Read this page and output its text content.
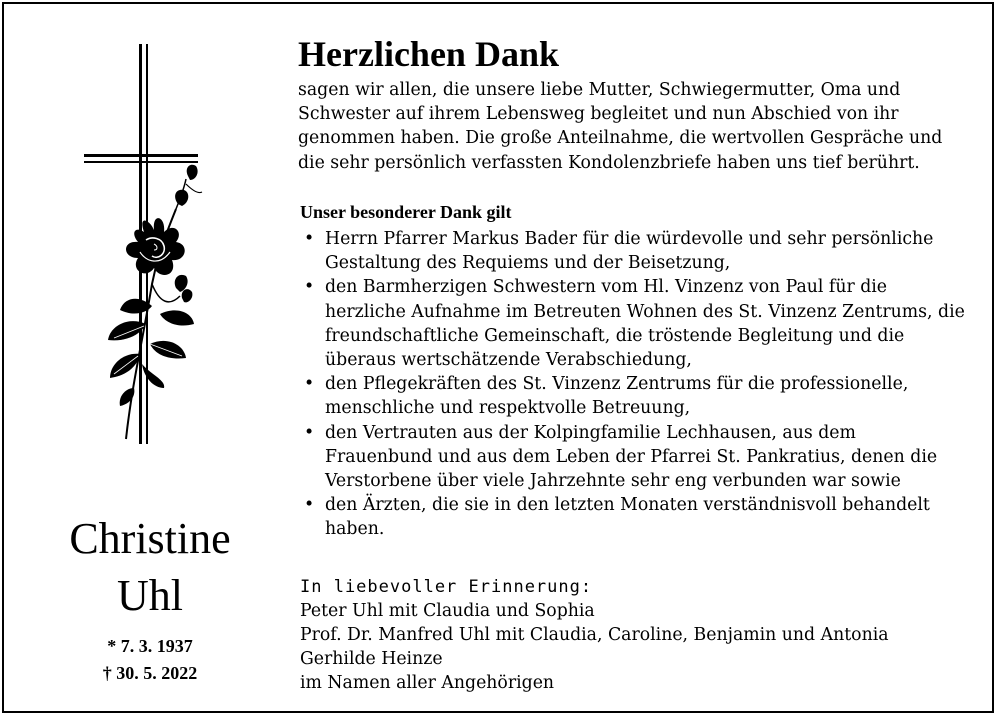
Christine
Uhl
* 7. 3. 1937
† 30. 5. 2022
Herzlichen Dank

sagen wir allen, die unsere liebe Mutter, Schwiegermutter, Oma und Schwester auf ihrem Lebensweg begleitet und nun Abschied von ihr genommen haben. Die große Anteilnahme, die wertvollen Gespräche und die sehr persönlich verfassten Kondolenzbriefe haben uns tief berührt.

Unser besonderer Dank gilt

• Herrn Pfarrer Markus Bader für die würdevolle und sehr persönliche Gestaltung des Requiems und der Beisetzung,
• den Barmherzigen Schwestern vom Hl. Vinzenz von Paul für die herzliche Aufnahme im Betreuten Wohnen des St. Vinzenz Zentrums, die freundschaftliche Gemeinschaft, die tröstende Begleitung und die überaus wertschätzende Verabschiedung,
• den Pflegekräften des St. Vinzenz Zentrums für die professionelle, menschliche und respektvolle Betreuung,
• den Vertrauten aus der Kolpingfamilie Lechhausen, aus dem Frauenbund und aus dem Leben der Pfarrei St. Pankratius, denen die Verstorbene über viele Jahrzehnte sehr eng verbunden war sowie
• den Ärzten, die sie in den letzten Monaten verständnisvoll behandelt haben.
In liebevoller Erinnerung:
Peter Uhl mit Claudia und Sophia
Prof. Dr. Manfred Uhl mit Claudia, Caroline, Benjamin und Antonia
Gerhilde Heinze
im Namen aller Angehörigen
